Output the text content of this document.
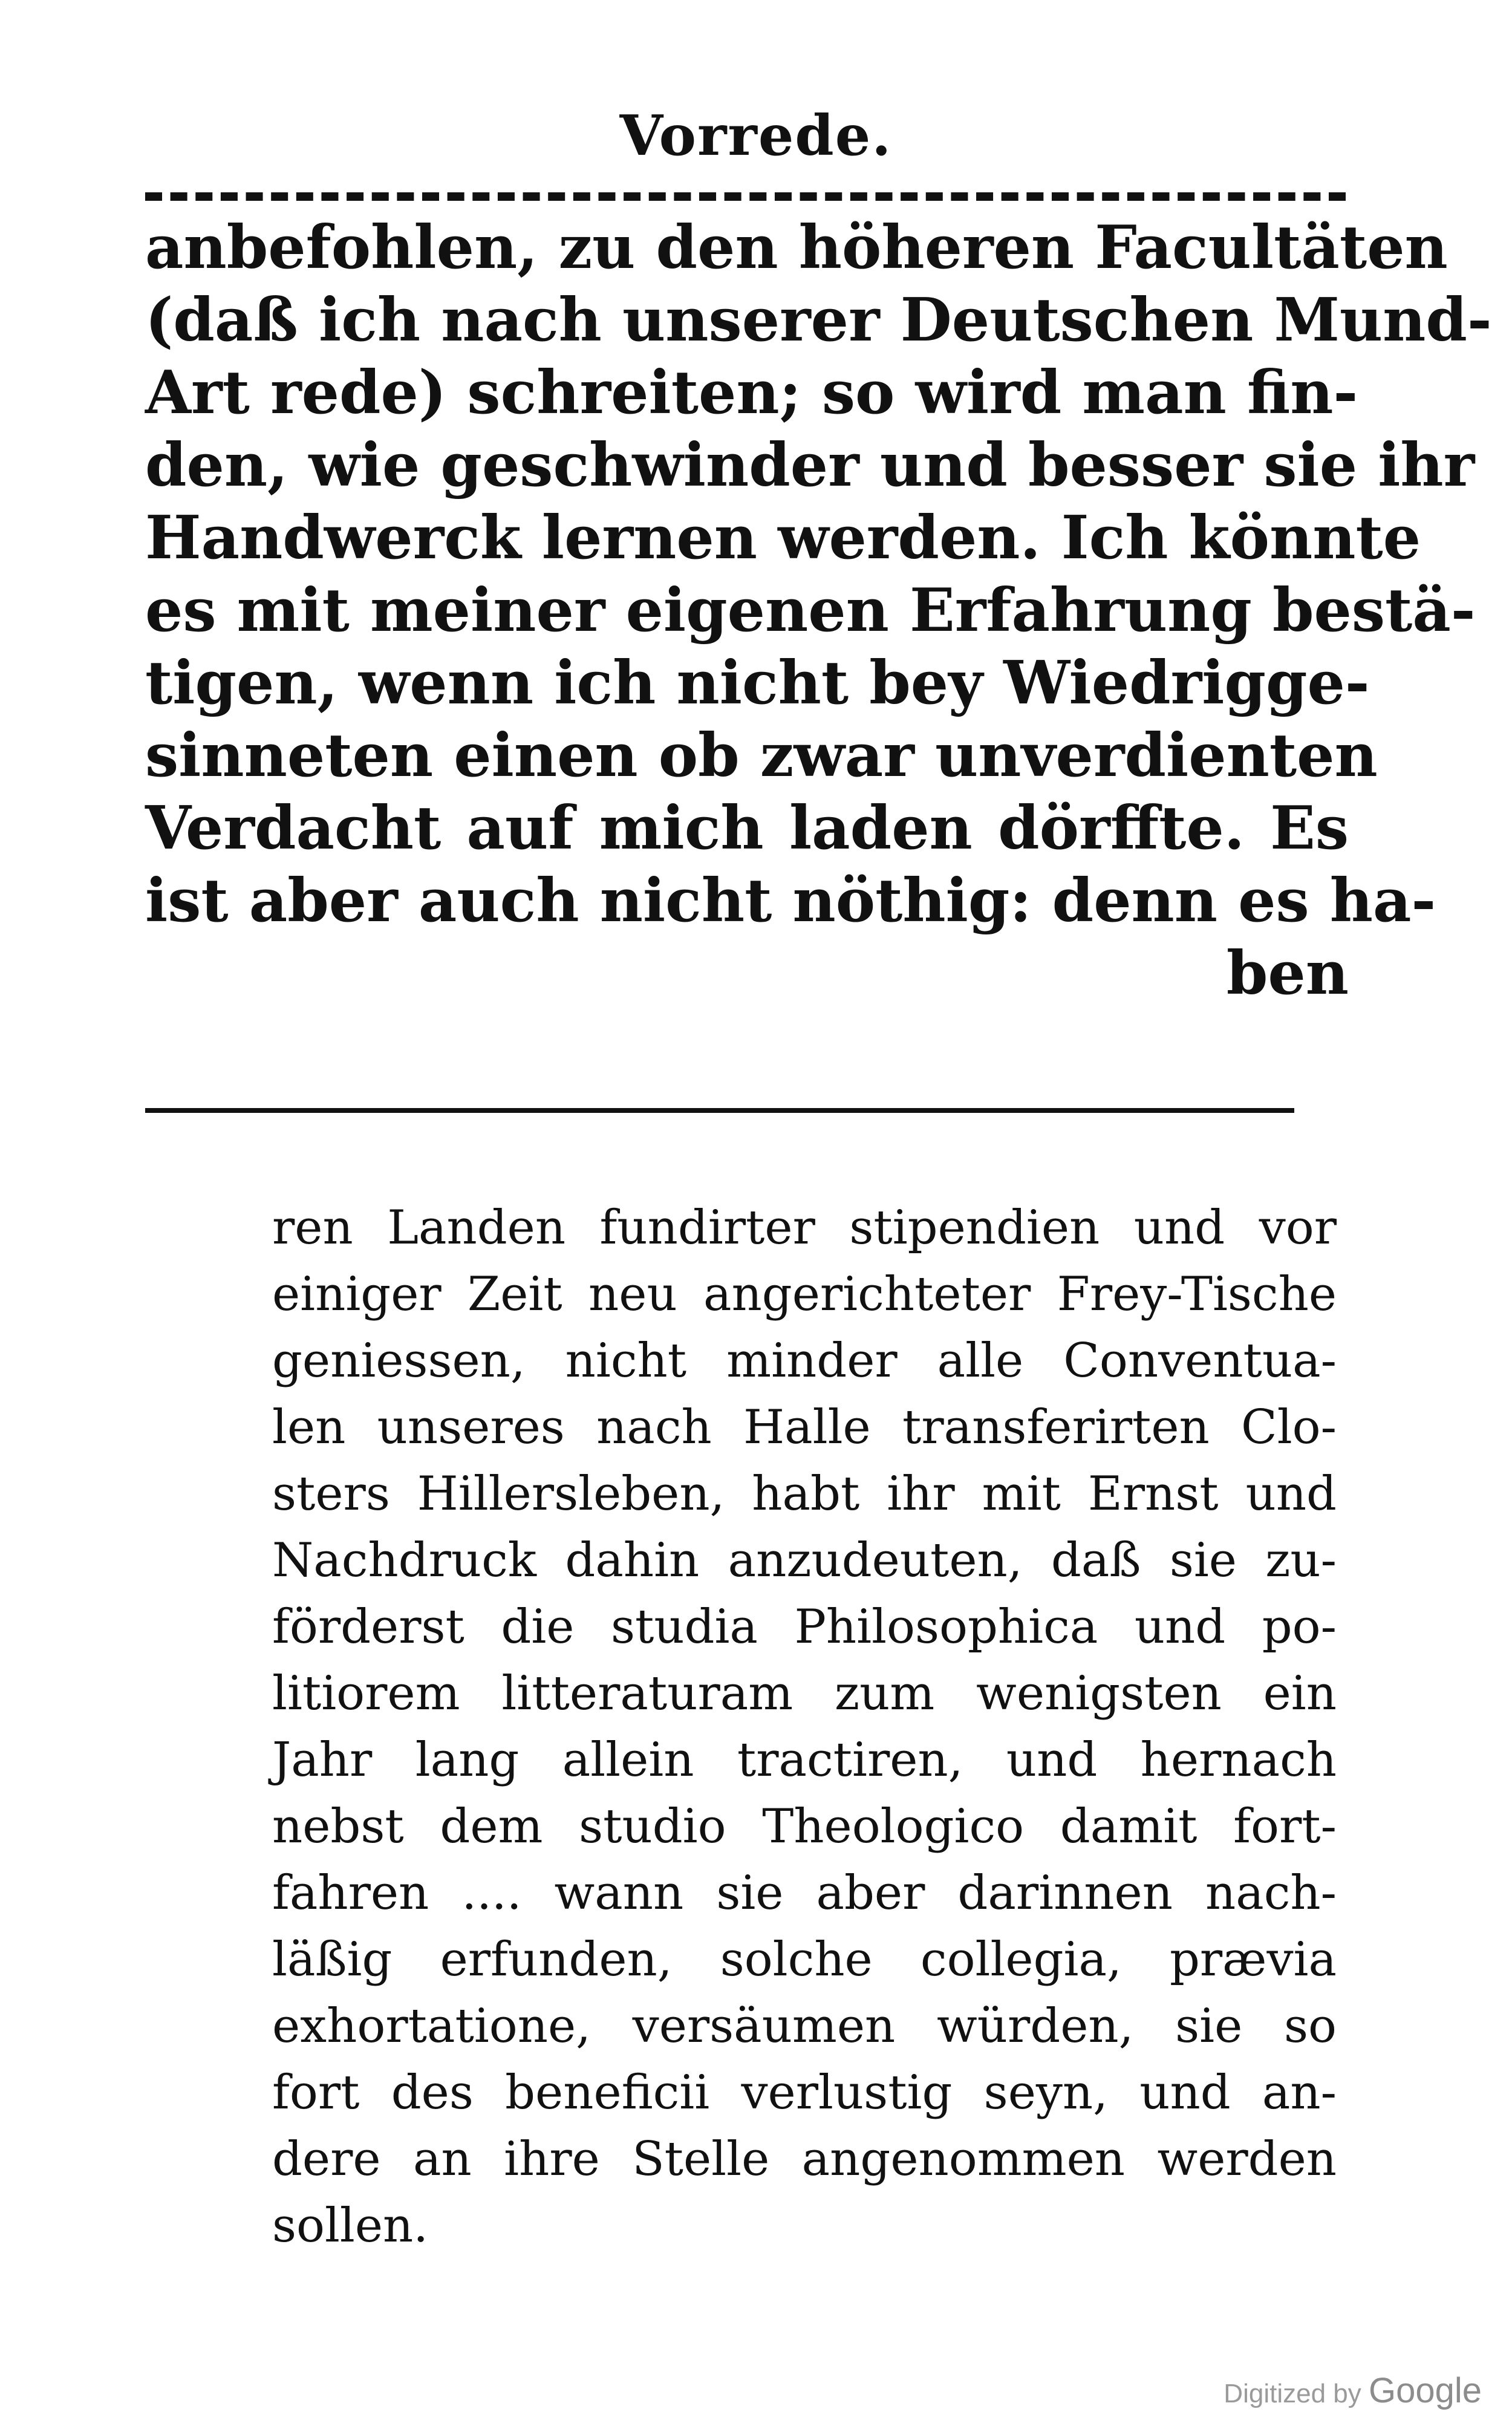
Vorrede.
anbefohlen, zu den höheren Facultäten
(daß ich nach unserer Deutschen Mund-
Art rede) schreiten; so wird man fin-
den, wie geschwinder und besser sie ihr
Handwerck lernen werden. Ich könnte
es mit meiner eigenen Erfahrung bestä-
tigen, wenn ich nicht bey Wiedrigge-
sinneten einen ob zwar unverdienten
Verdacht auf mich laden dörffte. Es
ist aber auch nicht nöthig: denn es ha-
ben
ren Landen fundirter stipendien und vor
einiger Zeit neu angerichteter Frey-Tische
geniessen, nicht minder alle Conventua-
len unseres nach Halle transferirten Clo-
sters Hillersleben, habt ihr mit Ernst und
Nachdruck dahin anzudeuten, daß sie zu-
förderst die studia Philosophica und po-
litiorem litteraturam zum wenigsten ein
Jahr lang allein tractiren, und hernach
nebst dem studio Theologico damit fort-
fahren .... wann sie aber darinnen nach-
läßig erfunden, solche collegia, prævia
exhortatione, versäumen würden, sie so
fort des beneficii verlustig seyn, und an-
dere an ihre Stelle angenommen werden
sollen.
Digitized by Google
